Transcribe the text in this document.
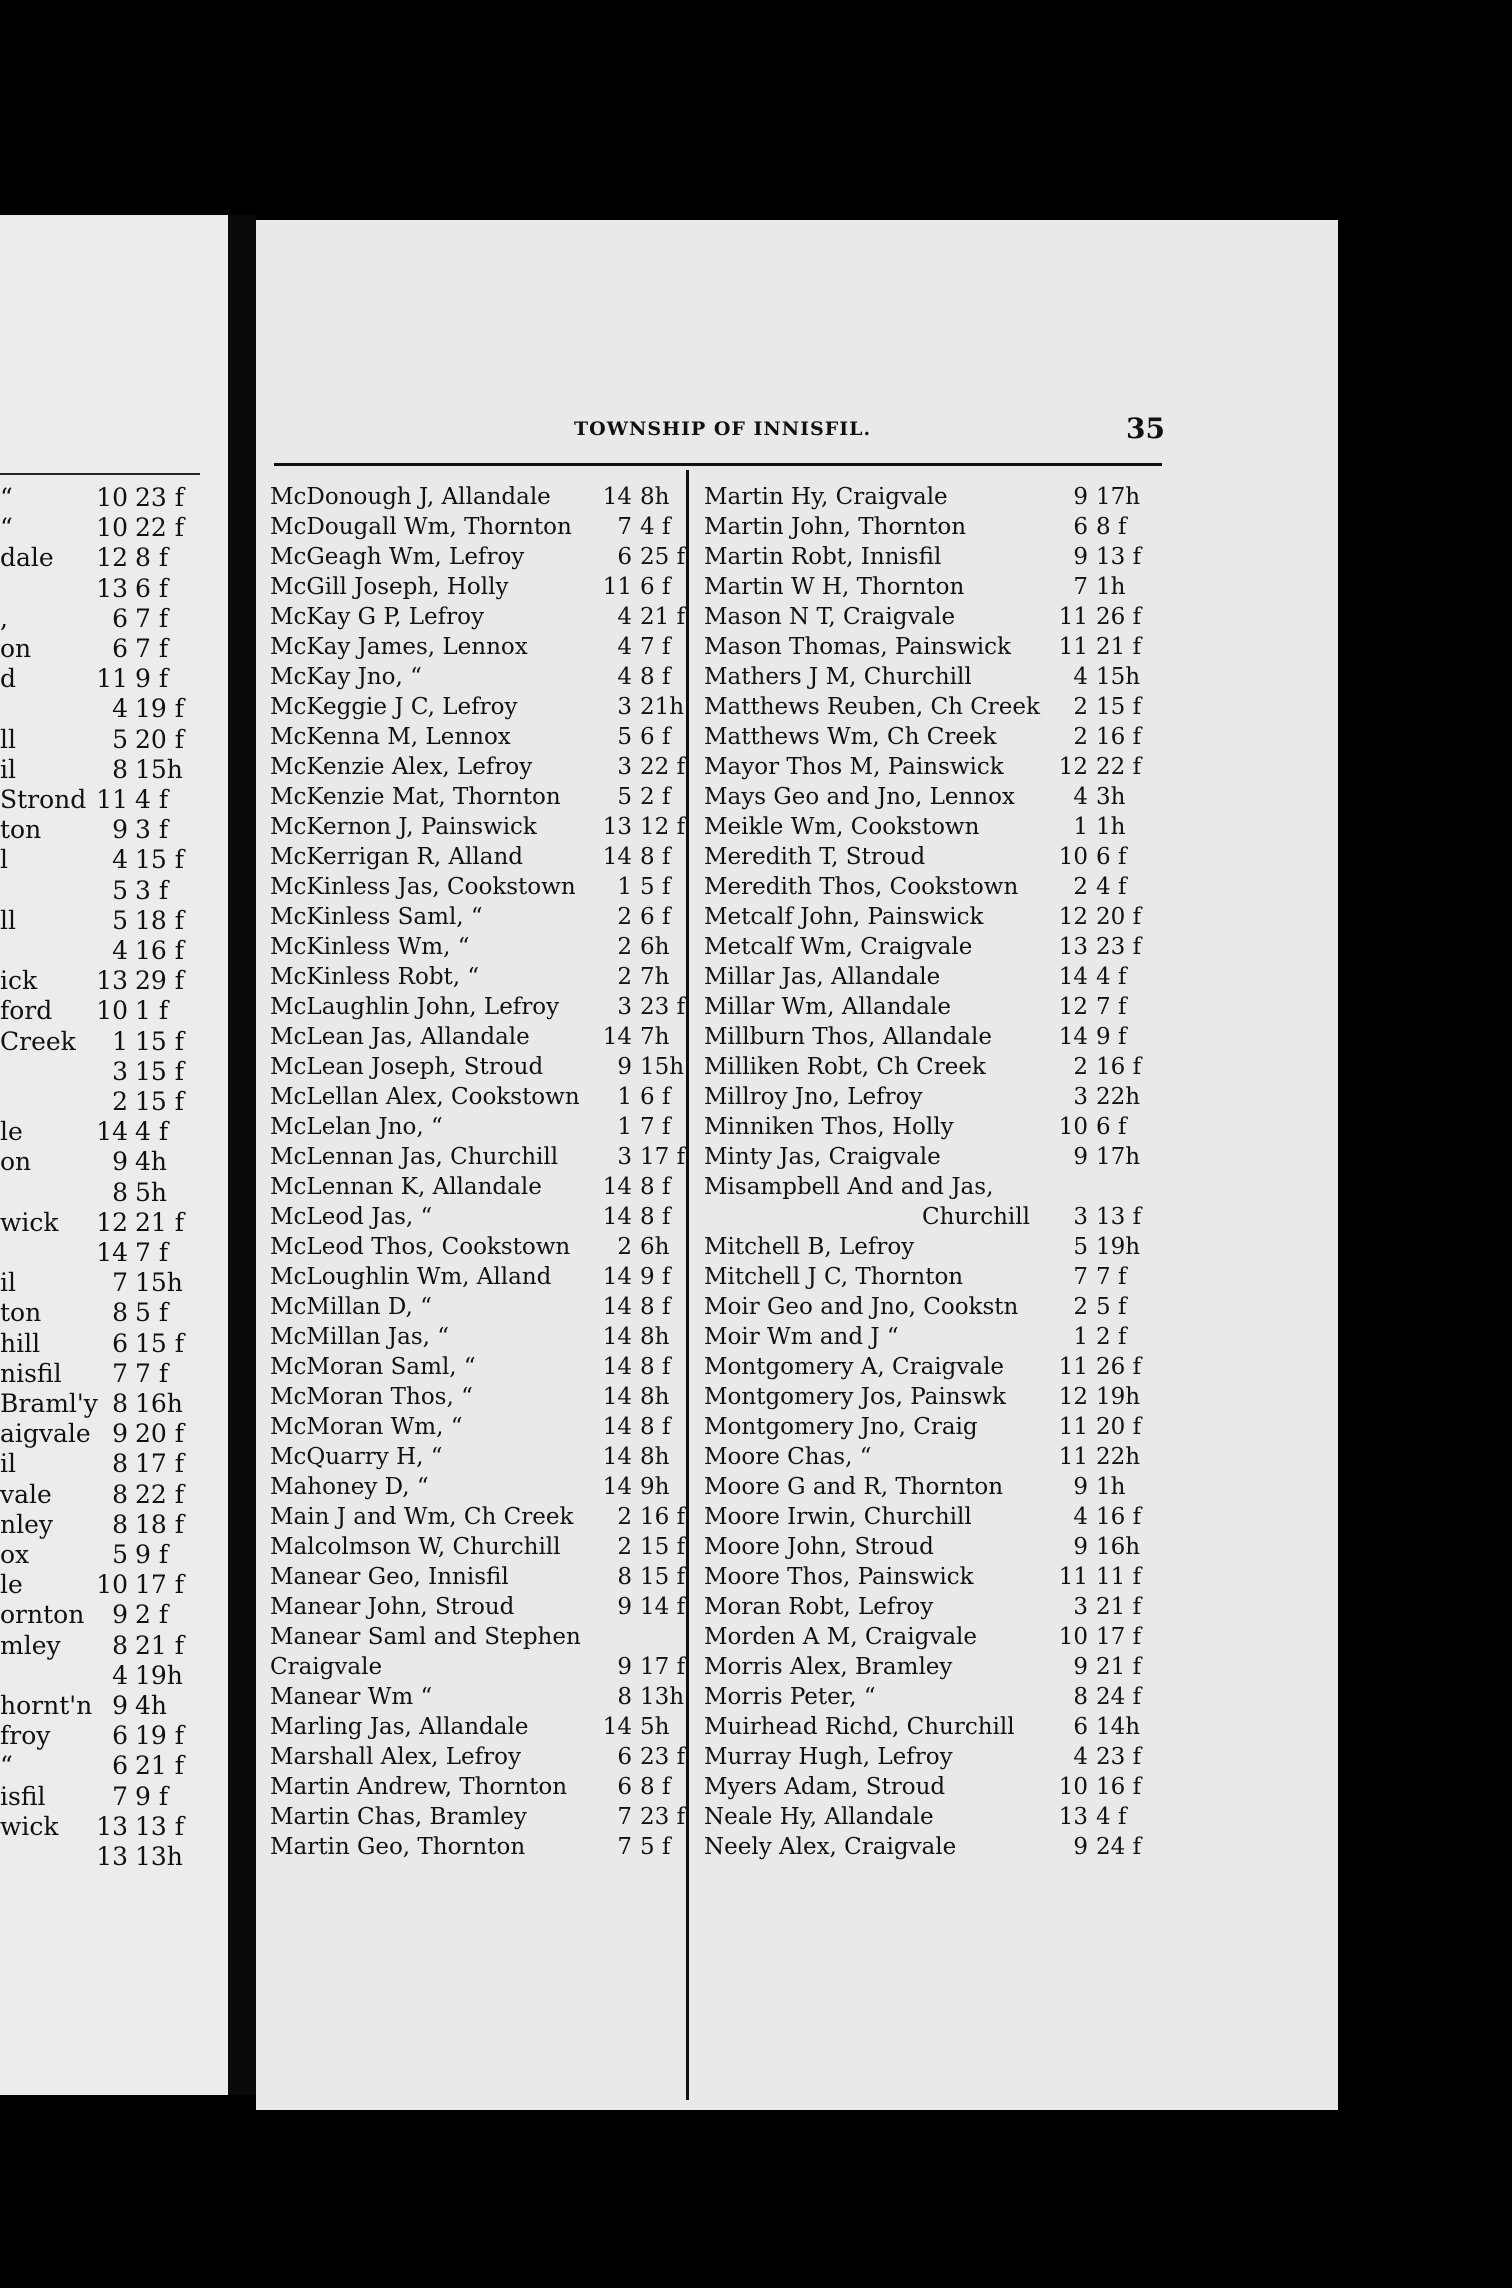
“	10 23 f
“	10 22 f
dale	12 8 f
13 6 f
,	6 7 f
on	6 7 f
d	11 9 f
4 19 f
ll	5 20 f
il	8 15h
Strond 11 4 f
ton	9 3 f
l	4 15 f
5 3 f
ll	5 18 f
4 16 f
ick	13 29 f
ford	10 1 f
Creek	1 15 f
3 15 f
2 15 f
le	14 4 f
on	9 4h
8 5h
wick	12 21 f
14 7 f
il	7 15h
ton	8 5 f
hill	6 15 f
nisfil	7 7 f
Braml'y 8 16h
aigvale 9 20 f
il	8 17 f
vale	8 22 f
nley	8 18 f
ox	5 9 f
le	10 17 f
ornton	9 2 f
mley	8 21 f
4 19h
hornt'n 9 4h
froy	6 19 f
“	6 21 f
isfil	7 9 f
wick	13 13 f
13 13h
TOWNSHIP OF INNISFIL.	35
McDonough J, Allandale	14 8h
McDougall Wm, Thornton	7 4 f
McGeagh Wm, Lefroy	6 25 f
McGill Joseph, Holly	11 6 f
McKay G P, Lefroy	4 21 f
McKay James, Lennox	4 7 f
McKay Jno, “	4 8 f
McKeggie J C, Lefroy	3 21h
McKenna M, Lennox	5 6 f
McKenzie Alex, Lefroy	3 22 f
McKenzie Mat, Thornton	5 2 f
McKernon J, Painswick	13 12 f
McKerrigan R, Alland	14 8 f
McKinless Jas, Cookstown	1 5 f
McKinless Saml, “	2 6 f
McKinless Wm, “	2 6h
McKinless Robt, “	2 7h
McLaughlin John, Lefroy	3 23 f
McLean Jas, Allandale	14 7h
McLean Joseph, Stroud	9 15h
McLellan Alex, Cookstown	1 6 f
McLelan Jno, “	1 7 f
McLennan Jas, Churchill	3 17 f
McLennan K, Allandale	14 8 f
McLeod Jas, “	14 8 f
McLeod Thos, Cookstown	2 6h
McLoughlin Wm, Alland	14 9 f
McMillan D, “	14 8 f
McMillan Jas, “	14 8h
McMoran Saml, “	14 8 f
McMoran Thos, “	14 8h
McMoran Wm, “	14 8 f
McQuarry H, “	14 8h
Mahoney D, “	14 9h
Main J and Wm, Ch Creek	2 16 f
Malcolmson W, Churchill	2 15 f
Manear Geo, Innisfil	8 15 f
Manear John, Stroud	9 14 f
Manear Saml and Stephen
Craigvale	9 17 f
Manear Wm “	8 13h
Marling Jas, Allandale	14 5h
Marshall Alex, Lefroy	6 23 f
Martin Andrew, Thornton	6 8 f
Martin Chas, Bramley	7 23 f
Martin Geo, Thornton	7 5 f
Martin Hy, Craigvale	9 17h
Martin John, Thornton	6 8 f
Martin Robt, Innisfil	9 13 f
Martin W H, Thornton	7 1h
Mason N T, Craigvale	11 26 f
Mason Thomas, Painswick	11 21 f
Mathers J M, Churchill	4 15h
Matthews Reuben, Ch Creek	2 15 f
Matthews Wm, Ch Creek	2 16 f
Mayor Thos M, Painswick	12 22 f
Mays Geo and Jno, Lennox	4 3h
Meikle Wm, Cookstown	1 1h
Meredith T, Stroud	10 6 f
Meredith Thos, Cookstown	2 4 f
Metcalf John, Painswick	12 20 f
Metcalf Wm, Craigvale	13 23 f
Millar Jas, Allandale	14 4 f
Millar Wm, Allandale	12 7 f
Millburn Thos, Allandale	14 9 f
Milliken Robt, Ch Creek	2 16 f
Millroy Jno, Lefroy	3 22h
Minniken Thos, Holly	10 6 f
Minty Jas, Craigvale	9 17h
Misampbell And and Jas,
Churchill	3 13 f
Mitchell B, Lefroy	5 19h
Mitchell J C, Thornton	7 7 f
Moir Geo and Jno, Cookstn	2 5 f
Moir Wm and J “	1 2 f
Montgomery A, Craigvale	11 26 f
Montgomery Jos, Painswk	12 19h
Montgomery Jno, Craig	11 20 f
Moore Chas, “	11 22h
Moore G and R, Thornton	9 1h
Moore Irwin, Churchill	4 16 f
Moore John, Stroud	9 16h
Moore Thos, Painswick	11 11 f
Moran Robt, Lefroy	3 21 f
Morden A M, Craigvale	10 17 f
Morris Alex, Bramley	9 21 f
Morris Peter, “	8 24 f
Muirhead Richd, Churchill	6 14h
Murray Hugh, Lefroy	4 23 f
Myers Adam, Stroud	10 16 f
Neale Hy, Allandale	13 4 f
Neely Alex, Craigvale	9 24 f
